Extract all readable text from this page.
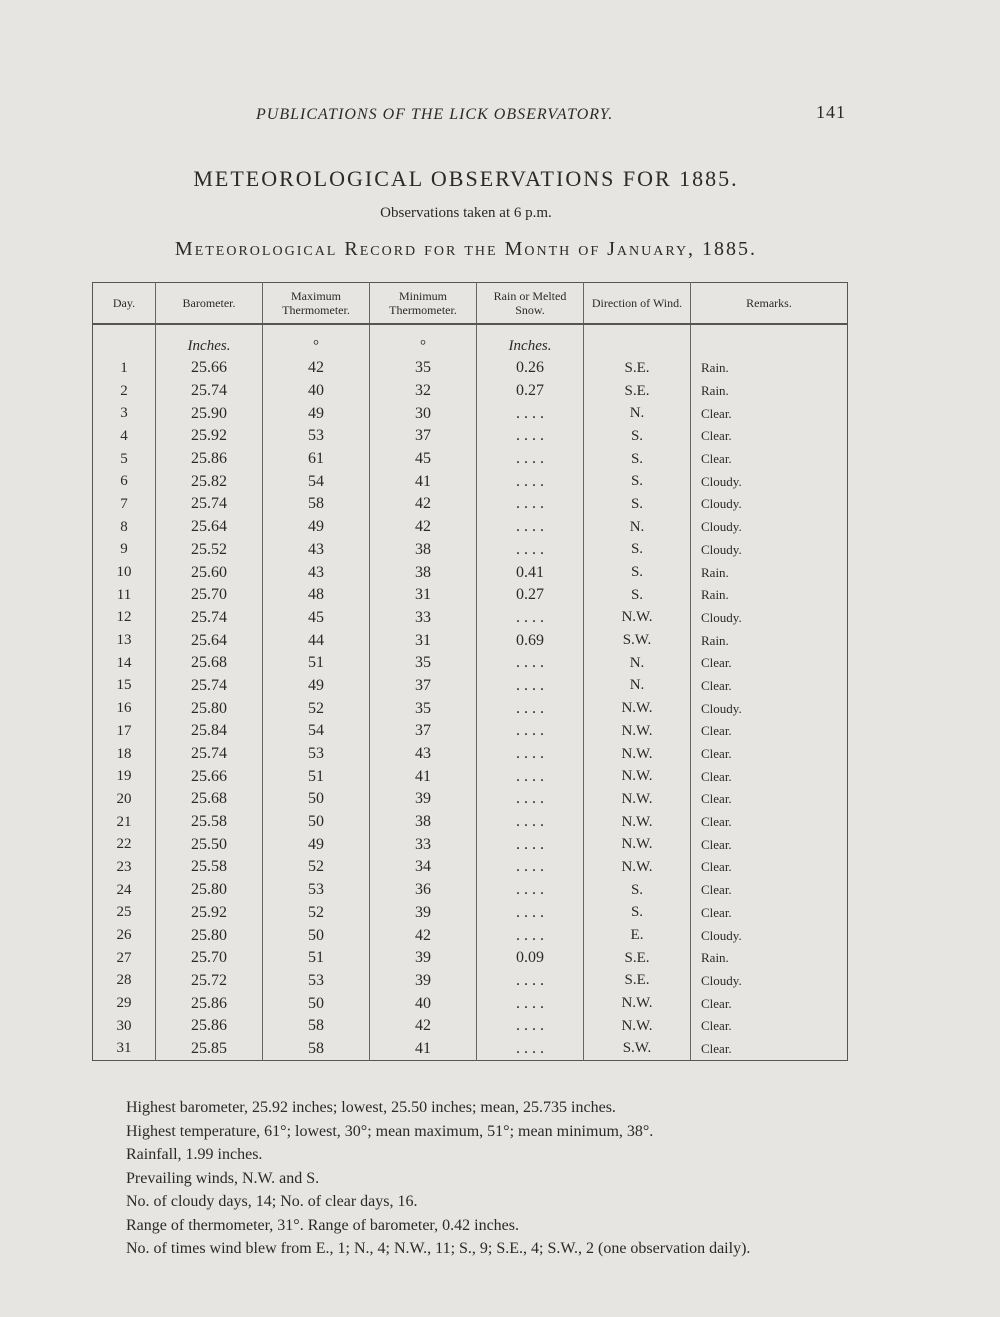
PUBLICATIONS OF THE LICK OBSERVATORY.	141
METEOROLOGICAL OBSERVATIONS FOR 1885.
Observations taken at 6 p.m.
Meteorological Record for the Month of January, 1885.
Day.	Barometer.	Maximum Thermometer.	Minimum Thermometer.	Rain or Melted Snow.	Direction of Wind.	Remarks.
	Inches.	°	°	Inches.		
1	25.66	42	35	0.26	S.E.	Rain.
2	25.74	40	32	0.27	S.E.	Rain.
3	25.90	49	30	. . . .	N.	Clear.
4	25.92	53	37	. . . .	S.	Clear.
5	25.86	61	45	. . . .	S.	Clear.
6	25.82	54	41	. . . .	S.	Cloudy.
7	25.74	58	42	. . . .	S.	Cloudy.
8	25.64	49	42	. . . .	N.	Cloudy.
9	25.52	43	38	. . . .	S.	Cloudy.
10	25.60	43	38	0.41	S.	Rain.
11	25.70	48	31	0.27	S.	Rain.
12	25.74	45	33	. . . .	N.W.	Cloudy.
13	25.64	44	31	0.69	S.W.	Rain.
14	25.68	51	35	. . . .	N.	Clear.
15	25.74	49	37	. . . .	N.	Clear.
16	25.80	52	35	. . . .	N.W.	Cloudy.
17	25.84	54	37	. . . .	N.W.	Clear.
18	25.74	53	43	. . . .	N.W.	Clear.
19	25.66	51	41	. . . .	N.W.	Clear.
20	25.68	50	39	. . . .	N.W.	Clear.
21	25.58	50	38	. . . .	N.W.	Clear.
22	25.50	49	33	. . . .	N.W.	Clear.
23	25.58	52	34	. . . .	N.W.	Clear.
24	25.80	53	36	. . . .	S.	Clear.
25	25.92	52	39	. . . .	S.	Clear.
26	25.80	50	42	. . . .	E.	Cloudy.
27	25.70	51	39	0.09	S.E.	Rain.
28	25.72	53	39	. . . .	S.E.	Cloudy.
29	25.86	50	40	. . . .	N.W.	Clear.
30	25.86	58	42	. . . .	N.W.	Clear.
31	25.85	58	41	. . . .	S.W.	Clear.

Highest barometer, 25.92 inches; lowest, 25.50 inches; mean, 25.735 inches.

Highest temperature, 61°; lowest, 30°; mean maximum, 51°; mean minimum, 38°.

Rainfall, 1.99 inches.

Prevailing winds, N.W. and S.

No. of cloudy days, 14; No. of clear days, 16.

Range of thermometer, 31°. Range of barometer, 0.42 inches.

No. of times wind blew from E., 1; N., 4; N.W., 11; S., 9; S.E., 4; S.W., 2 (one observation daily).
